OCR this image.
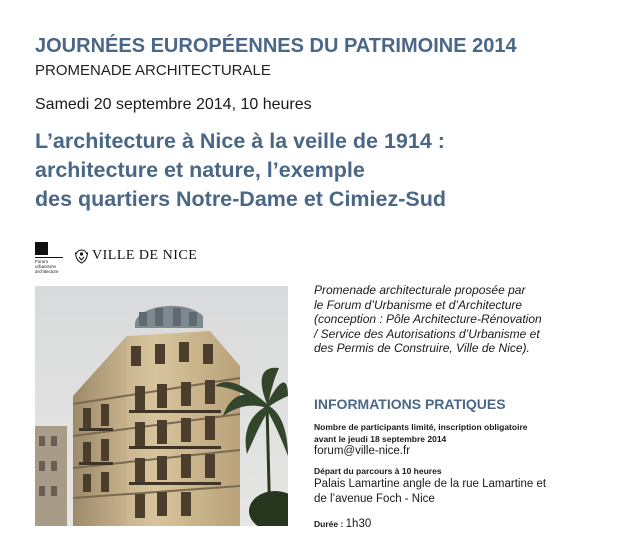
JOURNÉES EUROPÉENNES DU PATRIMOINE 2014
PROMENADE ARCHITECTURALE
Samedi 20 septembre 2014, 10 heures
L’architecture à Nice à la veille de 1914 :
architecture et nature, l’exemple
des quartiers Notre-Dame et Cimiez-Sud
Forum
urbanisme
architecture
VILLE DE NICE
Promenade architecturale proposée par
le Forum d’Urbanisme et d’Architecture
(conception : Pôle Architecture-Rénovation
/ Service des Autorisations d’Urbanisme et
des Permis de Construire, Ville de Nice).
INFORMATIONS PRATIQUES
Nombre de participants limité, inscription obligatoire
avant le jeudi 18 septembre 2014
forum@ville-nice.fr
Départ du parcours à 10 heures
Palais Lamartine angle de la rue Lamartine et
de l’avenue Foch - Nice
Durée : 1h30
